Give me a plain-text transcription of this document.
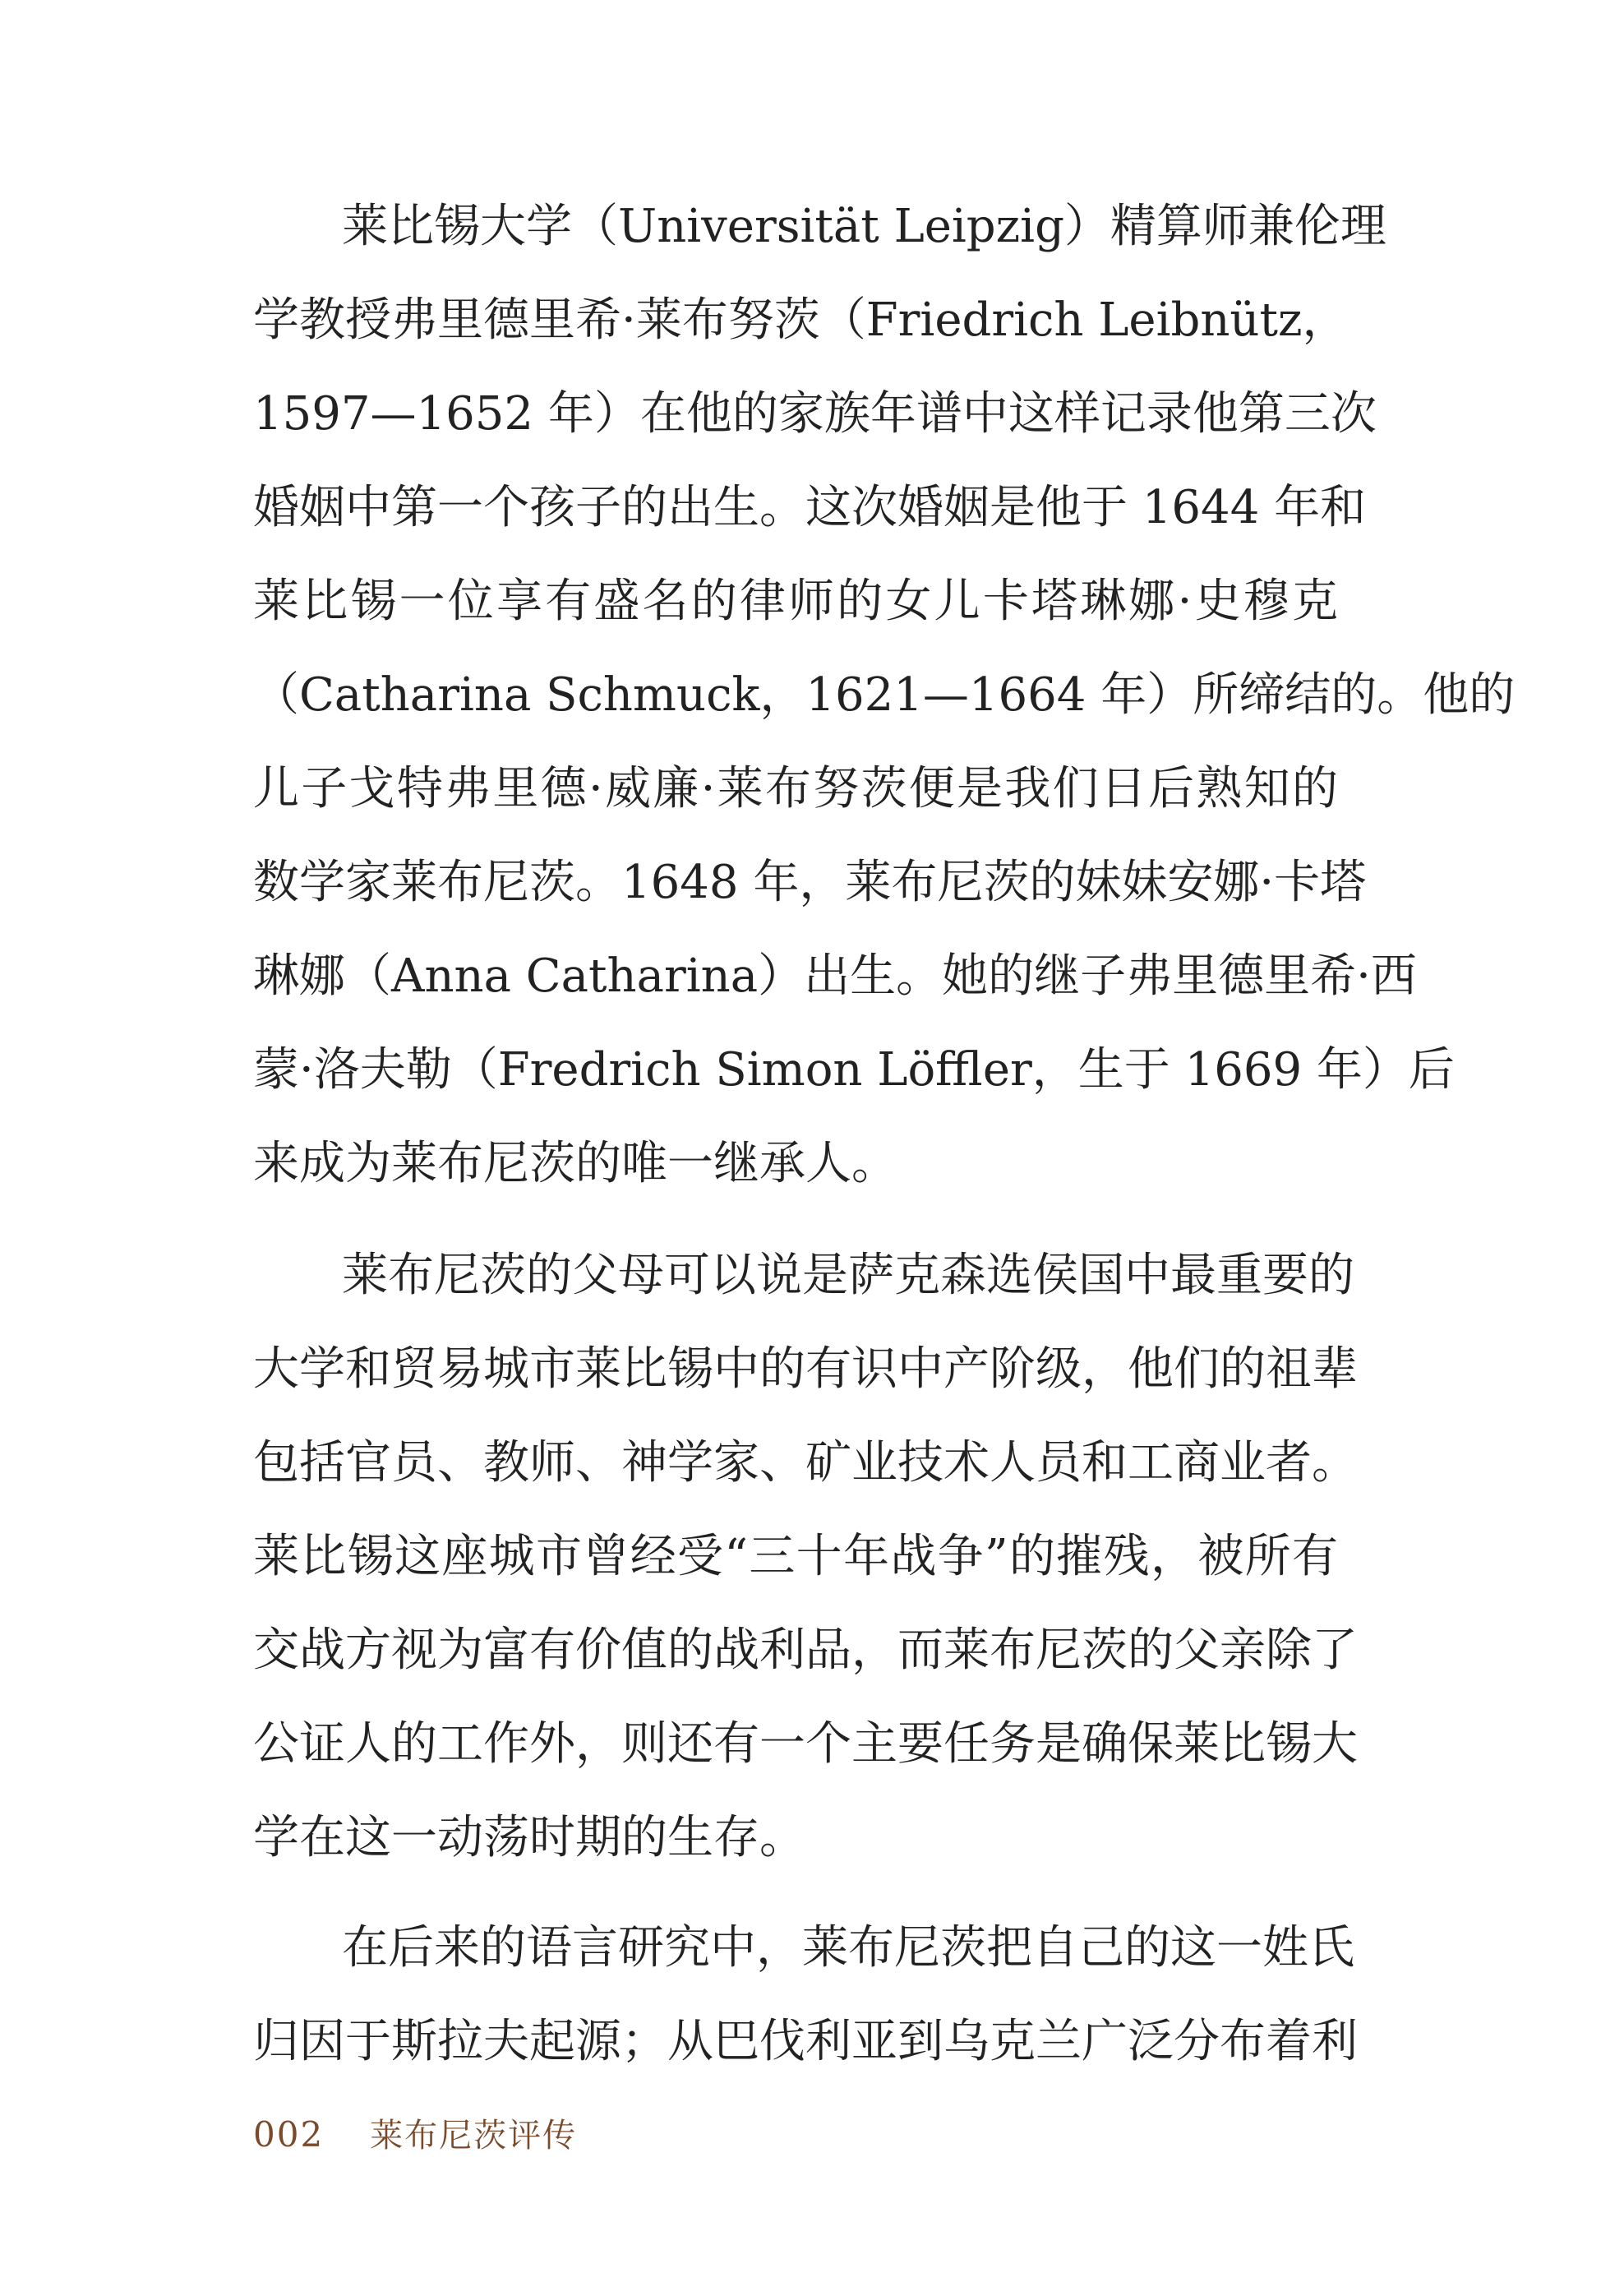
莱比锡大学（Universität Leipzig）精算师兼伦理

学教授弗里德里希·莱布努茨（Friedrich Leibnütz，

1597—1652 年）在他的家族年谱中这样记录他第三次

婚姻中第一个孩子的出生。这次婚姻是他于 1644 年和

莱比锡一位享有盛名的律师的女儿卡塔琳娜·史穆克

（Catharina Schmuck，1621—1664 年）所缔结的。他的

儿子戈特弗里德·威廉·莱布努茨便是我们日后熟知的

数学家莱布尼茨。1648 年，莱布尼茨的妹妹安娜·卡塔

琳娜（Anna Catharina）出生。她的继子弗里德里希·西

蒙·洛夫勒（Fredrich Simon Löffler，生于 1669 年）后

来成为莱布尼茨的唯一继承人。

莱布尼茨的父母可以说是萨克森选侯国中最重要的

大学和贸易城市莱比锡中的有识中产阶级，他们的祖辈

包括官员、教师、神学家、矿业技术人员和工商业者。

莱比锡这座城市曾经受“三十年战争”的摧残，被所有

交战方视为富有价值的战利品，而莱布尼茨的父亲除了

公证人的工作外，则还有一个主要任务是确保莱比锡大

学在这一动荡时期的生存。

在后来的语言研究中，莱布尼茨把自己的这一姓氏

归因于斯拉夫起源；从巴伐利亚到乌克兰广泛分布着利

002 莱布尼茨评传
